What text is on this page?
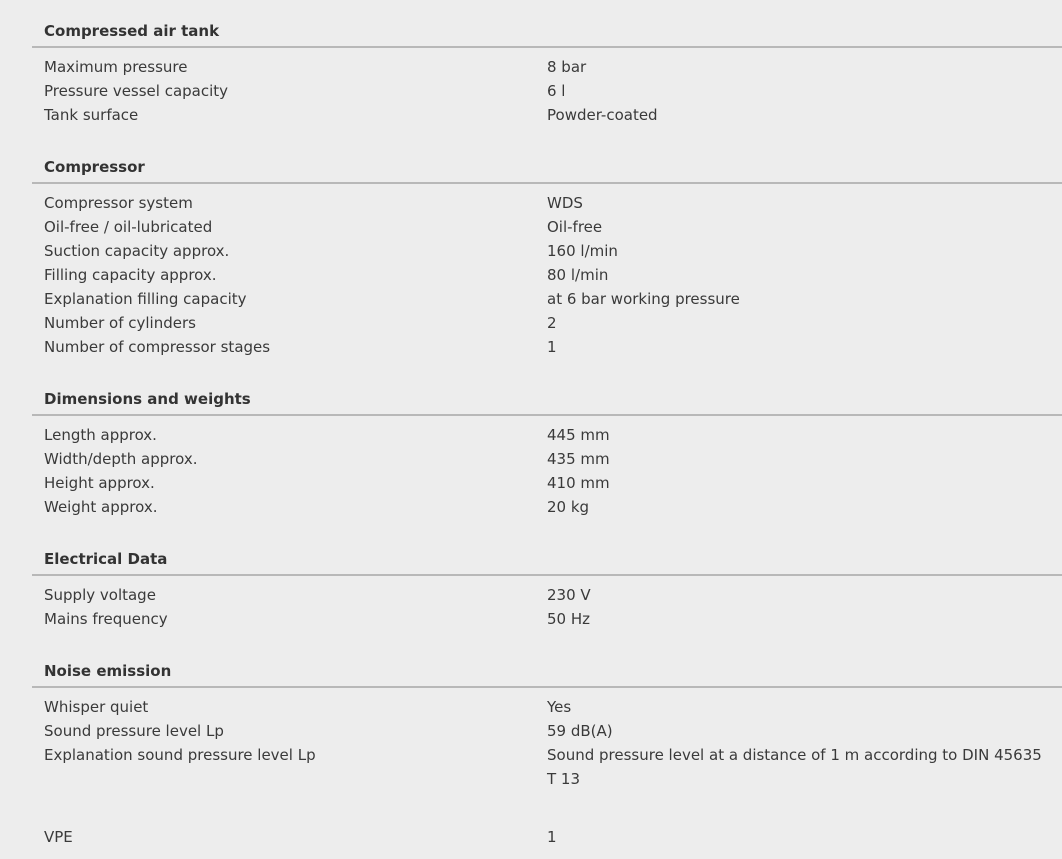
Compressed air tank
Maximum pressure	8 bar
Pressure vessel capacity	6 l
Tank surface	Powder-coated
Compressor
Compressor system	WDS
Oil-free / oil-lubricated	Oil-free
Suction capacity approx.	160 l/min
Filling capacity approx.	80 l/min
Explanation filling capacity	at 6 bar working pressure
Number of cylinders	2
Number of compressor stages	1
Dimensions and weights
Length approx.	445 mm
Width/depth approx.	435 mm
Height approx.	410 mm
Weight approx.	20 kg
Electrical Data
Supply voltage	230 V
Mains frequency	50 Hz
Noise emission
Whisper quiet	Yes
Sound pressure level Lp	59 dB(A)
Explanation sound pressure level Lp	Sound pressure level at a distance of 1 m according to DIN 45635 T 13
VPE	1
